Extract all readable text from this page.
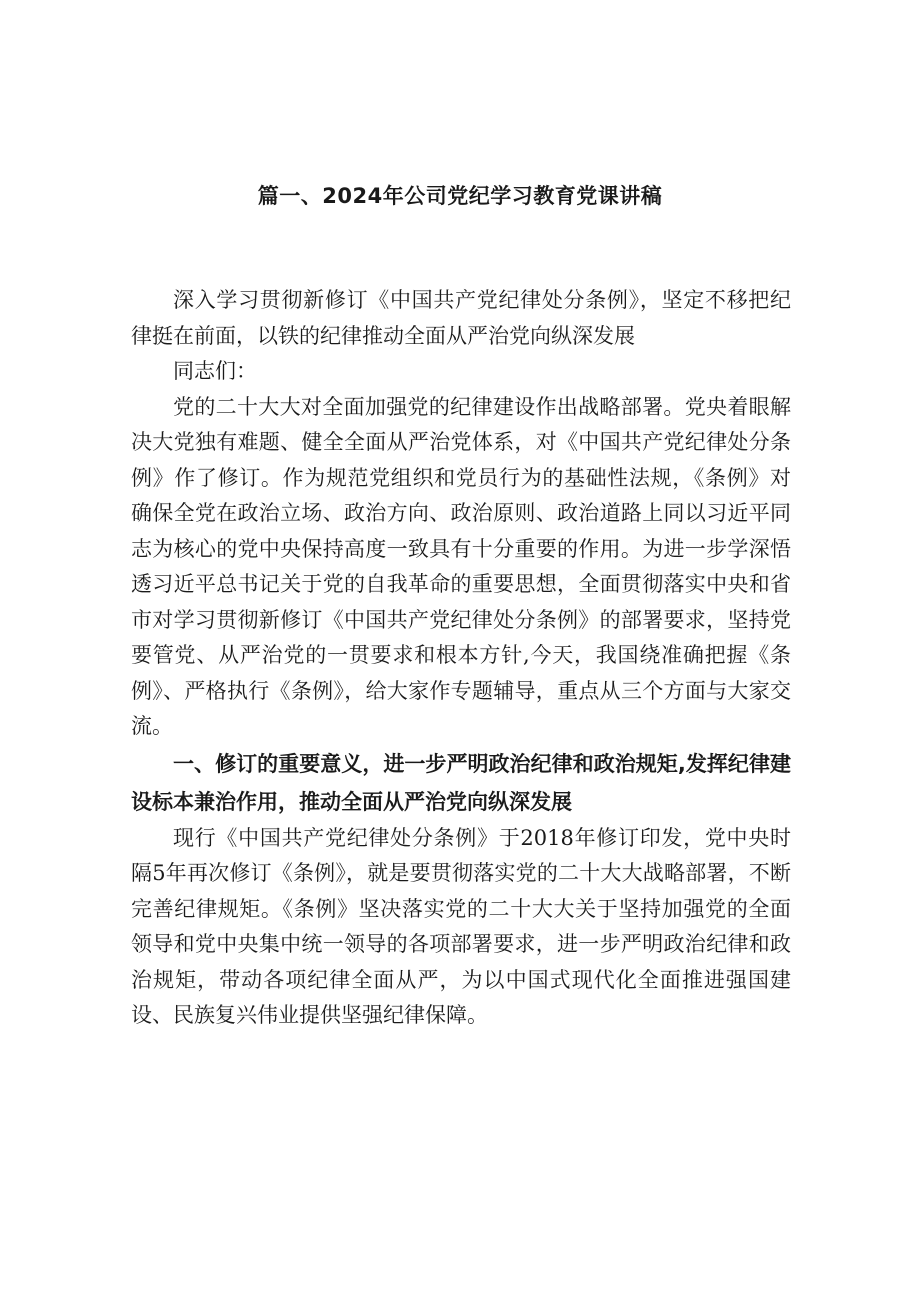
篇一、2024年公司党纪学习教育党课讲稿

深入学习贯彻新修订《中国共产党纪律处分条例》，坚定不移把纪律挺在前面，以铁的纪律推动全面从严治党向纵深发展

同志们：

党的二十大大对全面加强党的纪律建设作出战略部署。党央着眼解决大党独有难题、健全全面从严治党体系，对《中国共产党纪律处分条例》作了修订。作为规范党组织和党员行为的基础性法规，《条例》对确保全党在政治立场、政治方向、政治原则、政治道路上同以习近平同志为核心的党中央保持高度一致具有十分重要的作用。为进一步学深悟透习近平总书记关于党的自我革命的重要思想，全面贯彻落实中央和省市对学习贯彻新修订《中国共产党纪律处分条例》的部署要求，坚持党要管党、从严治党的一贯要求和根本方针,今天，我国绕准确把握《条例》、严格执行《条例》，给大家作专题辅导，重点从三个方面与大家交流。

一、修订的重要意义，进一步严明政治纪律和政治规矩,发挥纪律建设标本兼治作用，推动全面从严治党向纵深发展

现行《中国共产党纪律处分条例》于2018年修订印发，党中央时隔5年再次修订《条例》，就是要贯彻落实党的二十大大战略部署，不断完善纪律规矩。《条例》坚决落实党的二十大大关于坚持加强党的全面领导和党中央集中统一领导的各项部署要求，进一步严明政治纪律和政治规矩，带动各项纪律全面从严，为以中国式现代化全面推进强国建设、民族复兴伟业提供坚强纪律保障。
